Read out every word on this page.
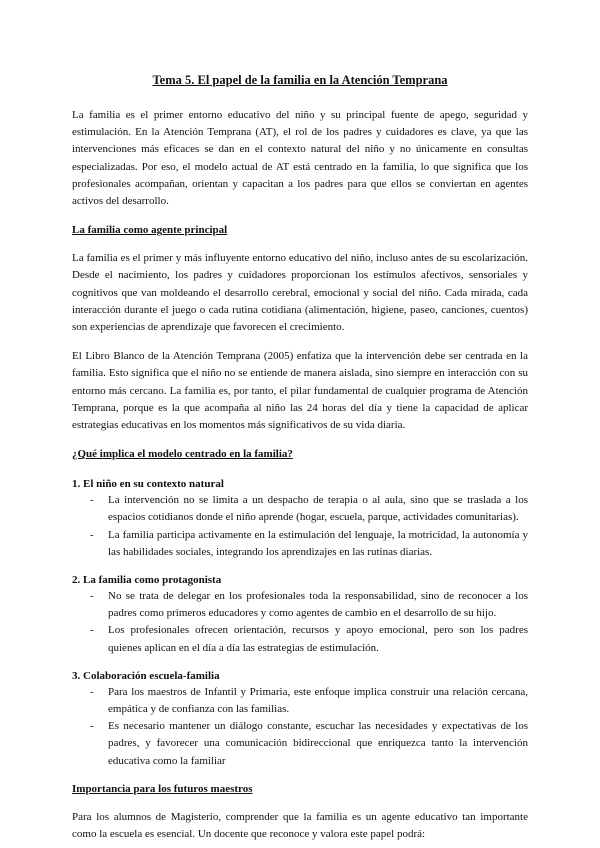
Tema 5. El papel de la familia en la Atención Temprana

La familia es el primer entorno educativo del niño y su principal fuente de apego, seguridad y estimulación. En la Atención Temprana (AT), el rol de los padres y cuidadores es clave, ya que las intervenciones más eficaces se dan en el contexto natural del niño y no únicamente en consultas especializadas. Por eso, el modelo actual de AT está centrado en la familia, lo que significa que los profesionales acompañan, orientan y capacitan a los padres para que ellos se conviertan en agentes activos del desarrollo.

La familia como agente principal

La familia es el primer y más influyente entorno educativo del niño, incluso antes de su escolarización. Desde el nacimiento, los padres y cuidadores proporcionan los estímulos afectivos, sensoriales y cognitivos que van moldeando el desarrollo cerebral, emocional y social del niño. Cada mirada, cada interacción durante el juego o cada rutina cotidiana (alimentación, higiene, paseo, canciones, cuentos) son experiencias de aprendizaje que favorecen el crecimiento.

El Libro Blanco de la Atención Temprana (2005) enfatiza que la intervención debe ser centrada en la familia. Esto significa que el niño no se entiende de manera aislada, sino siempre en interacción con su entorno más cercano. La familia es, por tanto, el pilar fundamental de cualquier programa de Atención Temprana, porque es la que acompaña al niño las 24 horas del día y tiene la capacidad de aplicar estrategias educativas en los momentos más significativos de su vida diaria.

¿Qué implica el modelo centrado en la familia?
1. El niño en su contexto natural
- La intervención no se limita a un despacho de terapia o al aula, sino que se traslada a los espacios cotidianos donde el niño aprende (hogar, escuela, parque, actividades comunitarias).
- La familia participa activamente en la estimulación del lenguaje, la motricidad, la autonomía y las habilidades sociales, integrando los aprendizajes en las rutinas diarias.
2. La familia como protagonista
- No se trata de delegar en los profesionales toda la responsabilidad, sino de reconocer a los padres como primeros educadores y como agentes de cambio en el desarrollo de su hijo.
- Los profesionales ofrecen orientación, recursos y apoyo emocional, pero son los padres quienes aplican en el día a día las estrategias de estimulación.
3. Colaboración escuela-familia
- Para los maestros de Infantil y Primaria, este enfoque implica construir una relación cercana, empática y de confianza con las familias.
- Es necesario mantener un diálogo constante, escuchar las necesidades y expectativas de los padres, y favorecer una comunicación bidireccional que enriquezca tanto la intervención educativa como la familiar
Importancia para los futuros maestros

Para los alumnos de Magisterio, comprender que la familia es un agente educativo tan importante como la escuela es esencial. Un docente que reconoce y valora este papel podrá:
